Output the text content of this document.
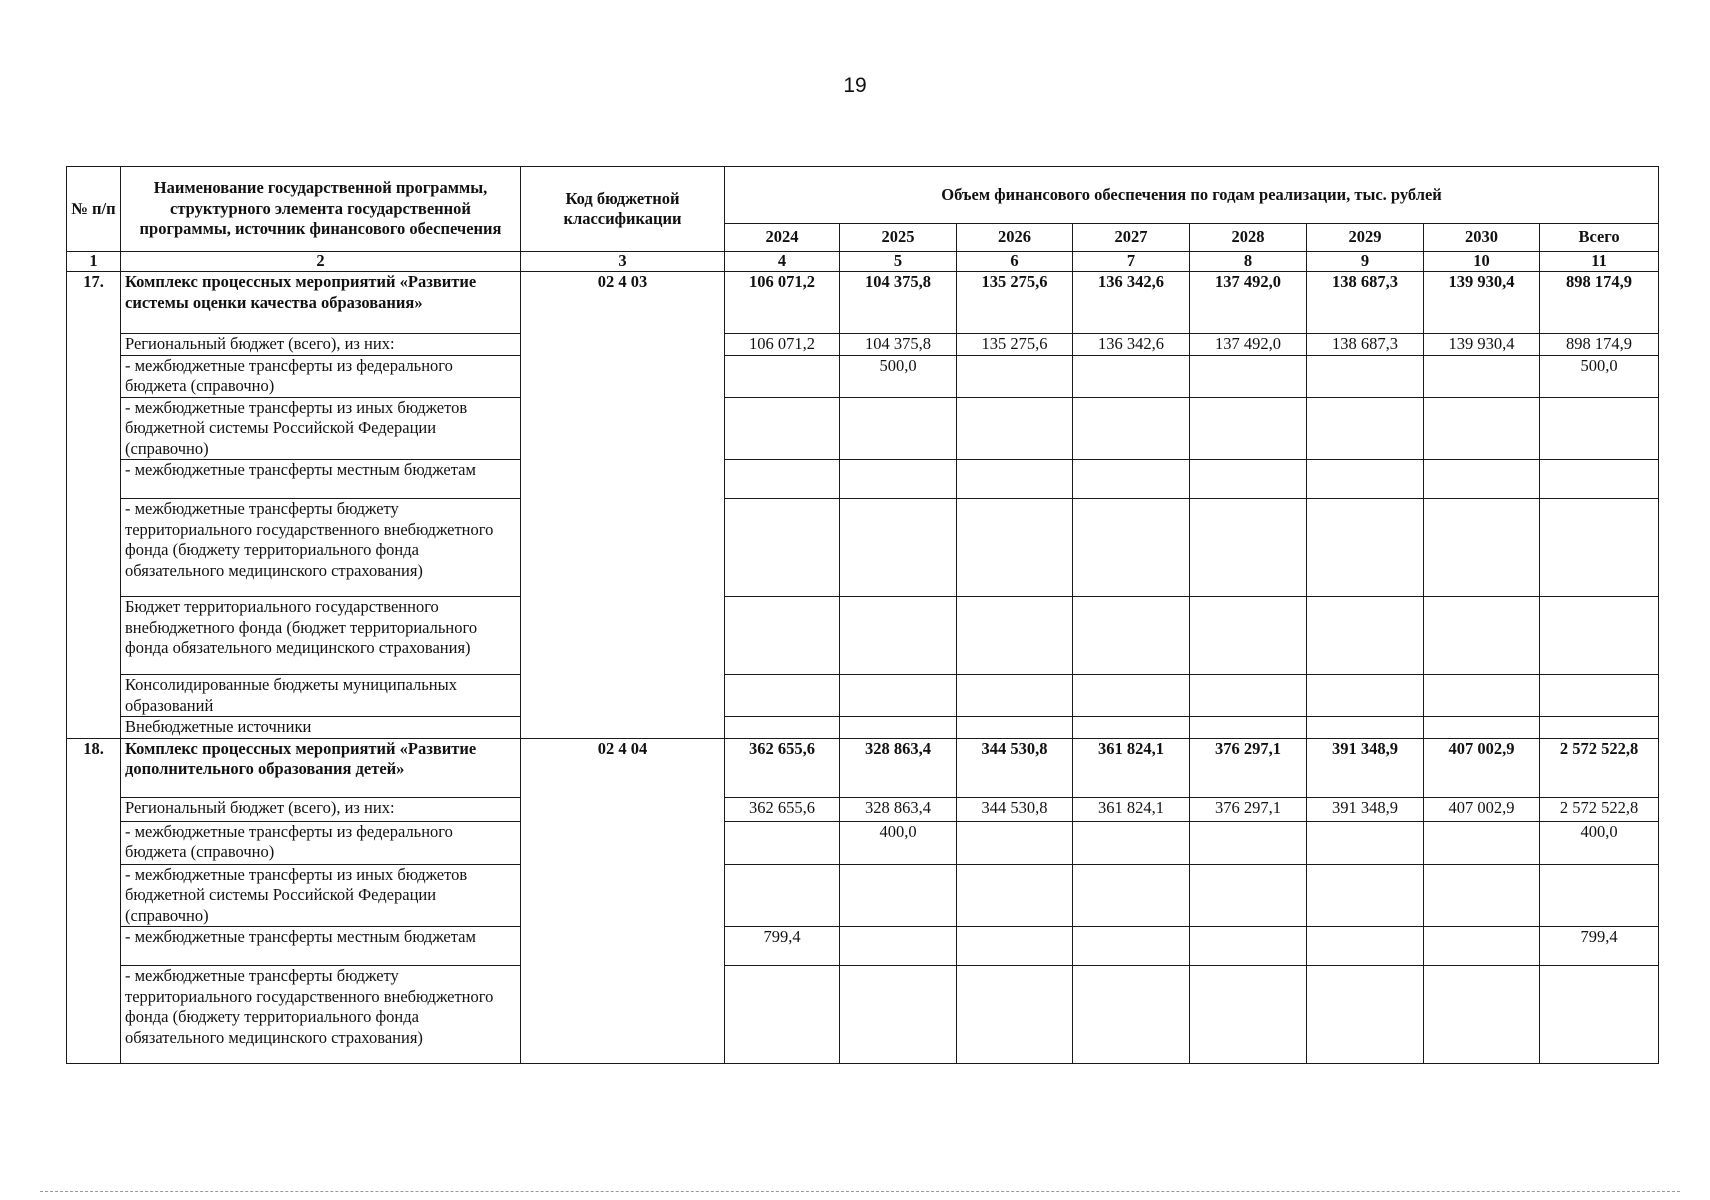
19
№ п/п	Наименование государственной программы, структурного элемента государственной программы, источник финансового обеспечения	Код бюджетной классификации	Объем финансового обеспечения по годам реализации, тыс. рублей							
			2024	2025	2026	2027	2028	2029	2030	Всего
1	2	3	4	5	6	7	8	9	10	11
17.	Комплекс процессных мероприятий «Развитие системы оценки качества образования»	02 4 03	106 071,2	104 375,8	135 275,6	136 342,6	137 492,0	138 687,3	139 930,4	898 174,9
	Региональный бюджет (всего), из них:		106 071,2	104 375,8	135 275,6	136 342,6	137 492,0	138 687,3	139 930,4	898 174,9
	- межбюджетные трансферты из федерального бюджета (справочно)			500,0						500,0
	- межбюджетные трансферты из иных бюджетов бюджетной системы Российской Федерации (справочно)									
	- межбюджетные трансферты местным бюджетам									
	- межбюджетные трансферты бюджету территориального государственного внебюджетного фонда (бюджету территориального фонда обязательного медицинского страхования)									
	Бюджет территориального государственного внебюджетного фонда (бюджет территориального фонда обязательного медицинского страхования)									
	Консолидированные бюджеты муниципальных образований									
	Внебюджетные источники									
18.	Комплекс процессных мероприятий «Развитие дополнительного образования детей»	02 4 04	362 655,6	328 863,4	344 530,8	361 824,1	376 297,1	391 348,9	407 002,9	2 572 522,8
	Региональный бюджет (всего), из них:		362 655,6	328 863,4	344 530,8	361 824,1	376 297,1	391 348,9	407 002,9	2 572 522,8
	- межбюджетные трансферты из федерального бюджета (справочно)			400,0						400,0
	- межбюджетные трансферты из иных бюджетов бюджетной системы Российской Федерации (справочно)									
	- межбюджетные трансферты местным бюджетам		799,4							799,4
	- межбюджетные трансферты бюджету территориального государственного внебюджетного фонда (бюджету территориального фонда обязательного медицинского страхования)									
